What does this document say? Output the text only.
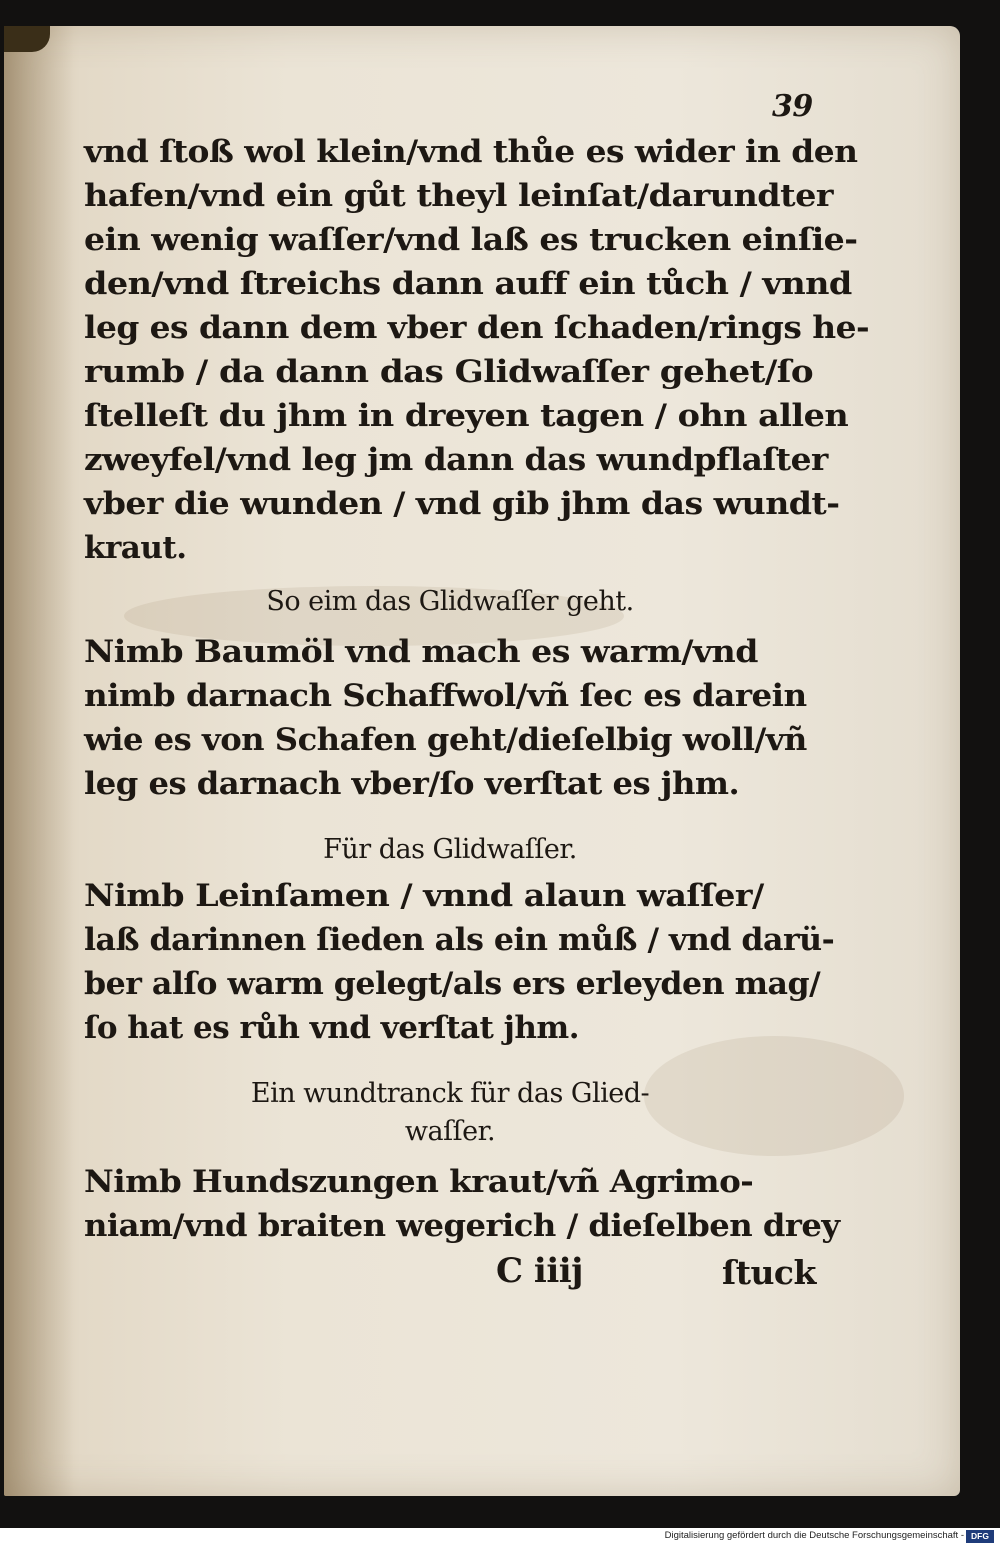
39
vnd ſtoß wol klein/vnd thůe es wider in den
hafen/vnd ein gůt theyl leinſat/darundter
ein wenig waſſer/vnd laß es trucken einſie-
den/vnd ſtreichs dann auff ein tůch / vnnd
leg es dann dem vber den ſchaden/rings he-
rumb / da dann das Glidwaſſer gehet/ſo
ſtelleſt du jhm in dreyen tagen / ohn allen
zweyfel/vnd leg jm dann das wundpflaſter
vber die wunden / vnd gib jhm das wundt-
kraut.
So eim das Glidwaſſer geht.
Nimb Baumöl vnd mach es warm/vnd
nimb darnach Schaffwol/vñ ſec es darein
wie es von Schafen geht/dieſelbig woll/vñ
leg es darnach vber/ſo verſtat es jhm.
Für das Glidwaſſer.
Nimb Leinſamen / vnnd alaun waſſer/
laß darinnen ſieden als ein můß / vnd darü-
ber alſo warm gelegt/als ers erleyden mag/
ſo hat es růh vnd verſtat jhm.
Ein wundtranck für das Glied-
waſſer.
Nimb Hundszungen kraut/vñ Agrimo-
niam/vnd braiten wegerich / dieſelben drey
C iiij	ſtuck
Digitalisierung gefördert durch die Deutsche Forschungsgemeinschaft - DFG
